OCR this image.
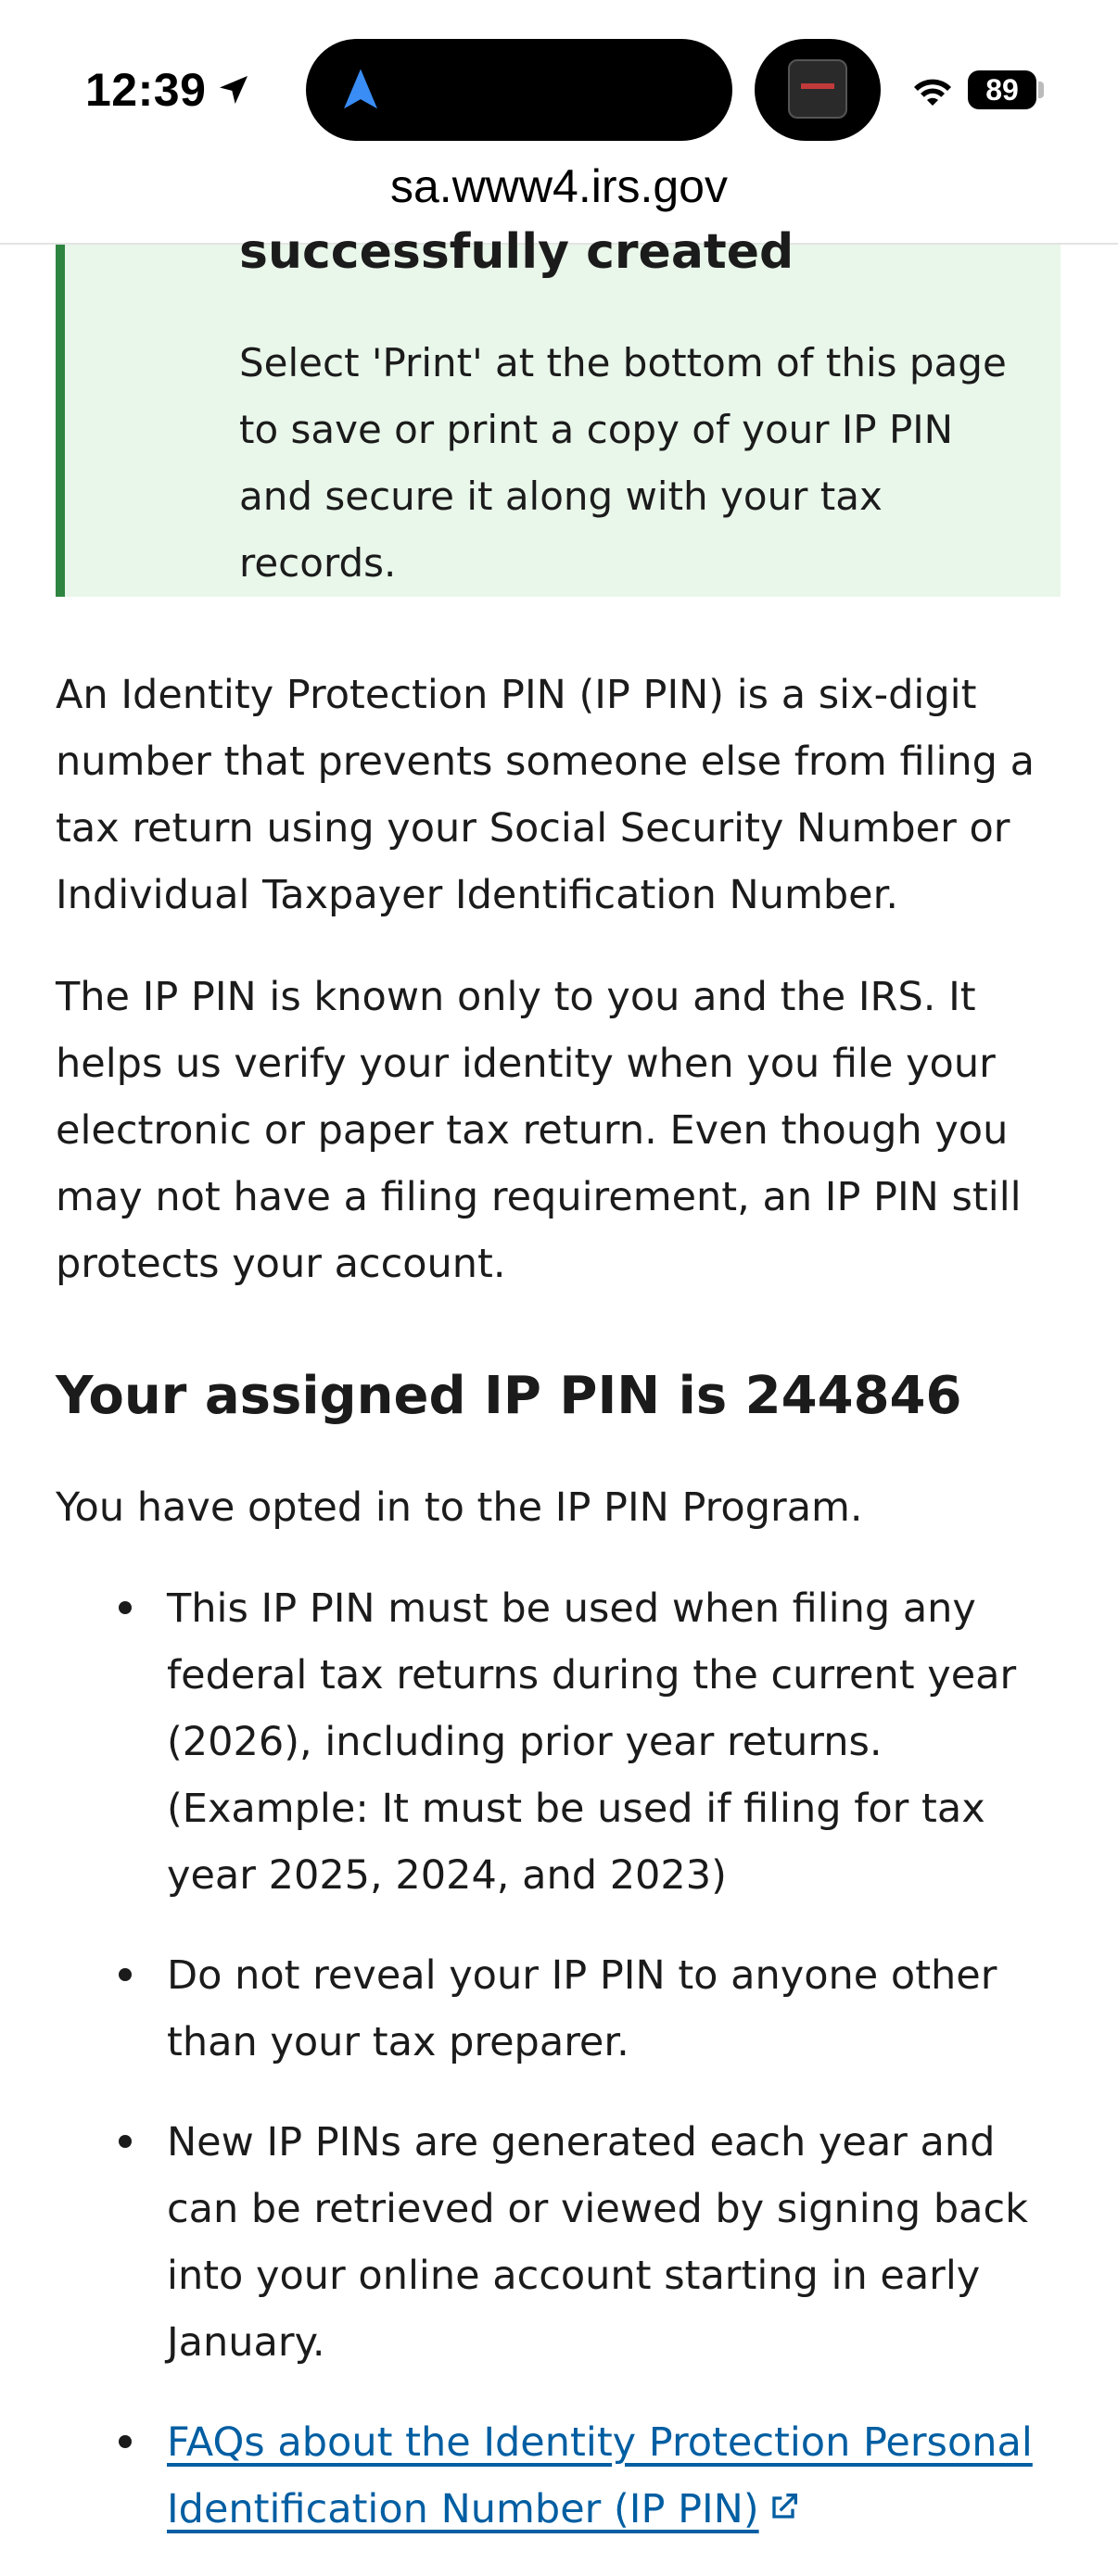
12:39	89
sa.www4.irs.gov
successfully created
Select 'Print' at the bottom of this page to save or print a copy of your IP PIN and secure it along with your tax records.

An Identity Protection PIN (IP PIN) is a six-digit number that prevents someone else from filing a tax return using your Social Security Number or Individual Taxpayer Identification Number.

The IP PIN is known only to you and the IRS. It helps us verify your identity when you file your electronic or paper tax return. Even though you may not have a filing requirement, an IP PIN still protects your account.

Your assigned IP PIN is 244846

You have opted in to the IP PIN Program.

This IP PIN must be used when filing any federal tax returns during the current year (2026), including prior year returns.
(Example: It must be used if filing for tax year 2025, 2024, and 2023)
Do not reveal your IP PIN to anyone other than your tax preparer.
New IP PINs are generated each year and can be retrieved or viewed by signing back into your online account starting in early January.
FAQs about the Identity Protection Personal Identification Number (IP PIN)
